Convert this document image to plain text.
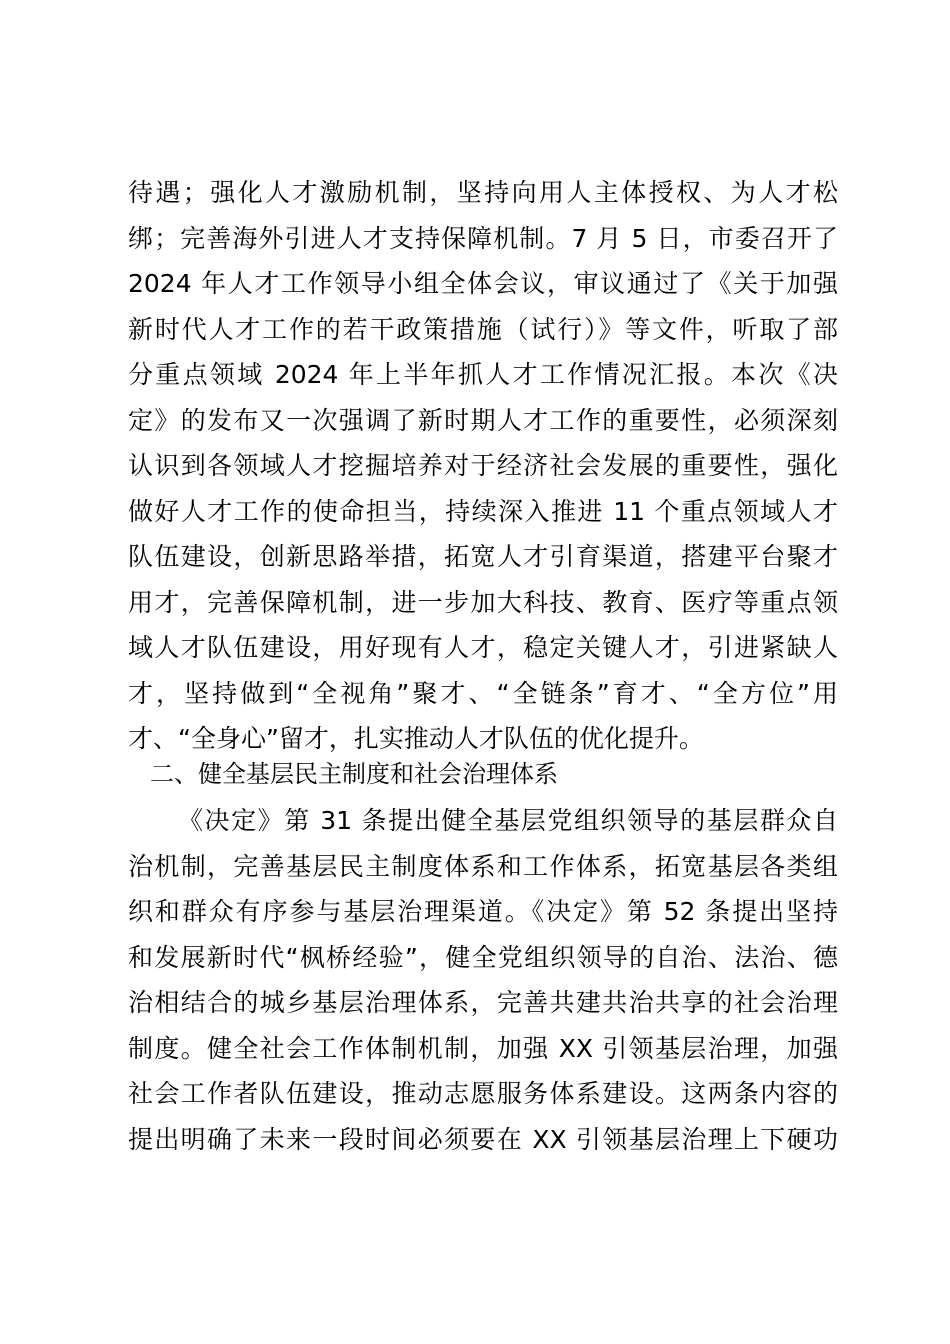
待遇；强化人才激励机制，坚持向用人主体授权、为人才松
绑；完善海外引进人才支持保障机制。7 月 5 日，市委召开了
2024 年人才工作领导小组全体会议，审议通过了《关于加强
新时代人才工作的若干政策措施（试行）》等文件，听取了部
分重点领域 2024 年上半年抓人才工作情况汇报。本次《决
定》的发布又一次强调了新时期人才工作的重要性，必须深刻
认识到各领域人才挖掘培养对于经济社会发展的重要性，强化
做好人才工作的使命担当，持续深入推进 11 个重点领域人才
队伍建设，创新思路举措，拓宽人才引育渠道，搭建平台聚才
用才，完善保障机制，进一步加大科技、教育、医疗等重点领
域人才队伍建设，用好现有人才，稳定关键人才，引进紧缺人
才，坚持做到“全视角”聚才、“全链条”育才、“全方位”用
才、“全身心”留才，扎实推动人才队伍的优化提升。
二、健全基层民主制度和社会治理体系
《决定》第 31 条提出健全基层党组织领导的基层群众自
治机制，完善基层民主制度体系和工作体系，拓宽基层各类组
织和群众有序参与基层治理渠道。《决定》第 52 条提出坚持
和发展新时代“枫桥经验”，健全党组织领导的自治、法治、德
治相结合的城乡基层治理体系，完善共建共治共享的社会治理
制度。健全社会工作体制机制，加强 XX 引领基层治理，加强
社会工作者队伍建设，推动志愿服务体系建设。这两条内容的
提出明确了未来一段时间必须要在 XX 引领基层治理上下硬功
